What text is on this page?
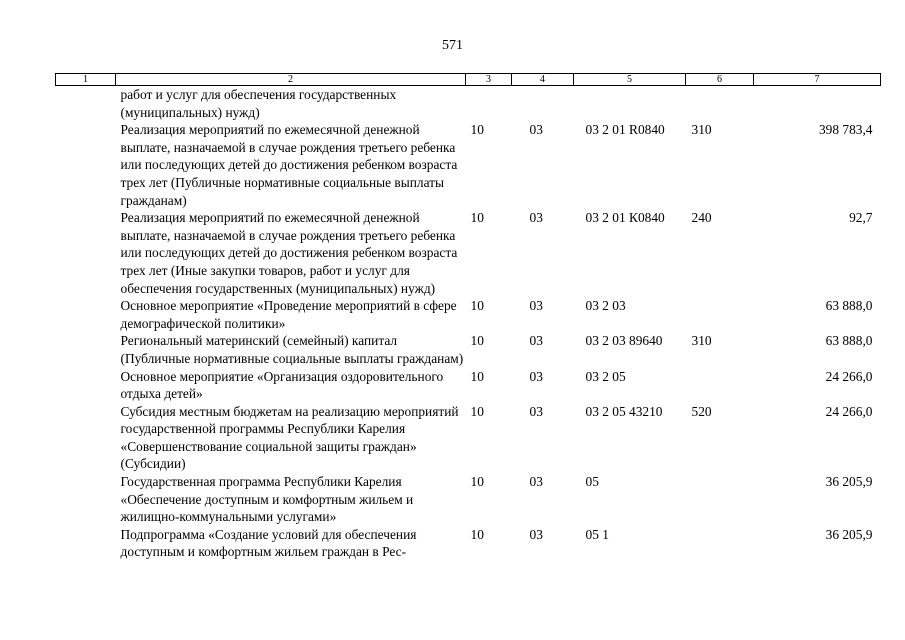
571
1	2	3	4	5	6	7
	работ и услуг для обеспечения государственных (муниципальных) нужд)					
	Реализация мероприятий по ежемесячной денежной выплате, назначаемой в случае рождения третьего ребенка или последующих детей до достижения ребенком возраста трех лет (Публичные нормативные социальные выплаты гражданам)	10	03	03 2 01 R0840	310	398 783,4
	Реализация мероприятий по ежемесячной денежной выплате, назначаемой в случае рождения третьего ребенка или последующих детей до достижения ребенком возраста трех лет (Иные закупки товаров, работ и услуг для обеспечения государственных (муниципальных) нужд)	10	03	03 2 01 К0840	240	92,7
	Основное мероприятие «Проведение мероприятий в сфере демографической политики»	10	03	03 2 03		63 888,0
	Региональный материнский (семейный) капитал (Публичные нормативные социальные выплаты гражданам)	10	03	03 2 03 89640	310	63 888,0
	Основное мероприятие «Организация оздоровительного отдыха детей»	10	03	03 2 05		24 266,0
	Субсидия местным бюджетам на реализацию мероприятий государственной программы Республики Карелия «Совершенствование социальной защиты граждан» (Субсидии)	10	03	03 2 05 43210	520	24 266,0
	Государственная программа Республики Карелия «Обеспечение доступным и комфортным жильем и жилищно-коммунальными услугами»	10	03	05		36 205,9
	Подпрограмма «Создание условий для обеспечения доступным и комфортным жильем граждан в Рес-	10	03	05 1		36 205,9
